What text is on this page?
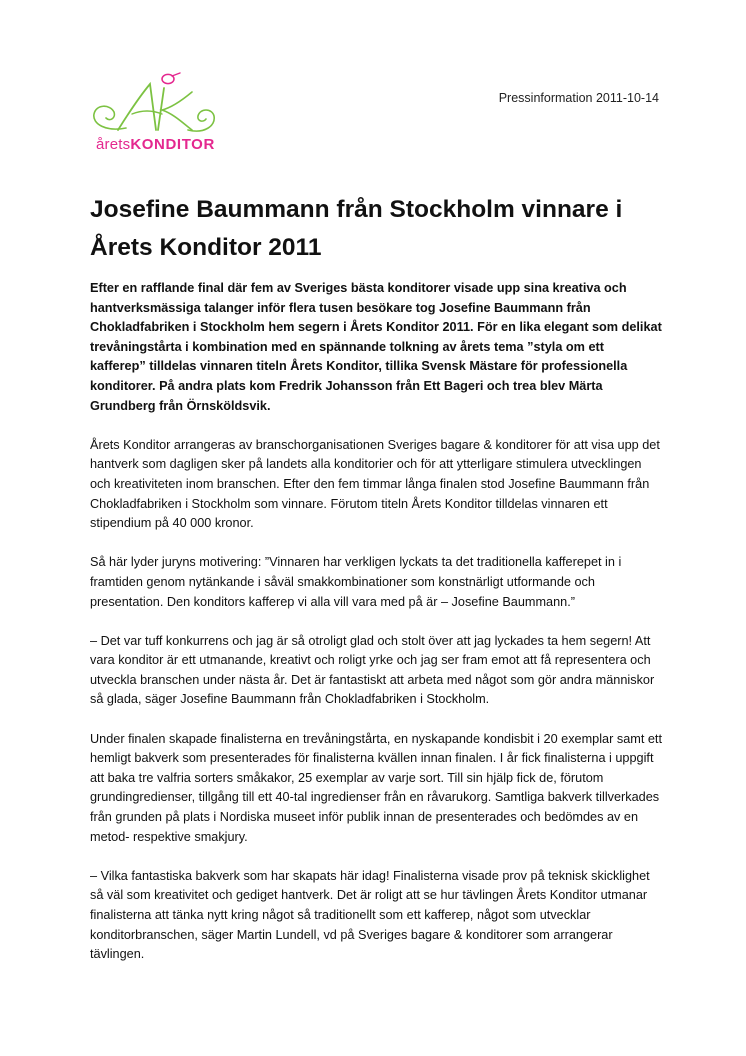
åretsKONDITOR
Pressinformation 2011-10-14
Josefine Baummann från Stockholm vinnare i Årets Konditor 2011

Efter en rafflande final där fem av Sveriges bästa konditorer visade upp sina kreativa och hantverksmässiga talanger inför flera tusen besökare tog Josefine Baummann från Chokladfabriken i Stockholm hem segern i Årets Konditor 2011. För en lika elegant som delikat trevåningstårta i kombination med en spännande tolkning av årets tema ”styla om ett kafferep” tilldelas vinnaren titeln Årets Konditor, tillika Svensk Mästare för professionella konditorer. På andra plats kom Fredrik Johansson från Ett Bageri och trea blev Märta Grundberg från Örnsköldsvik.

Årets Konditor arrangeras av branschorganisationen Sveriges bagare & konditorer för att visa upp det hantverk som dagligen sker på landets alla konditorier och för att ytterligare stimulera utvecklingen och kreativiteten inom branschen. Efter den fem timmar långa finalen stod Josefine Baummann från Chokladfabriken i Stockholm som vinnare. Förutom titeln Årets Konditor tilldelas vinnaren ett stipendium på 40 000 kronor.

Så här lyder juryns motivering: ”Vinnaren har verkligen lyckats ta det traditionella kafferepet in i framtiden genom nytänkande i såväl smakkombinationer som konstnärligt utformande och presentation. Den konditors kafferep vi alla vill vara med på är – Josefine Baummann.”

– Det var tuff konkurrens och jag är så otroligt glad och stolt över att jag lyckades ta hem segern! Att vara konditor är ett utmanande, kreativt och roligt yrke och jag ser fram emot att få representera och utveckla branschen under nästa år. Det är fantastiskt att arbeta med något som gör andra människor så glada, säger Josefine Baummann från Chokladfabriken i Stockholm.

Under finalen skapade finalisterna en trevåningstårta, en nyskapande kondisbit i 20 exemplar samt ett hemligt bakverk som presenterades för finalisterna kvällen innan finalen. I år fick finalisterna i uppgift att baka tre valfria sorters småkakor, 25 exemplar av varje sort. Till sin hjälp fick de, förutom grundingredienser, tillgång till ett 40-tal ingredienser från en råvarukorg. Samtliga bakverk tillverkades från grunden på plats i Nordiska museet inför publik innan de presenterades och bedömdes av en metod- respektive smakjury.

– Vilka fantastiska bakverk som har skapats här idag! Finalisterna visade prov på teknisk skicklighet så väl som kreativitet och gediget hantverk. Det är roligt att se hur tävlingen Årets Konditor utmanar finalisterna att tänka nytt kring något så traditionellt som ett kafferep, något som utvecklar konditorbranschen, säger Martin Lundell, vd på Sveriges bagare & konditorer som arrangerar tävlingen.
